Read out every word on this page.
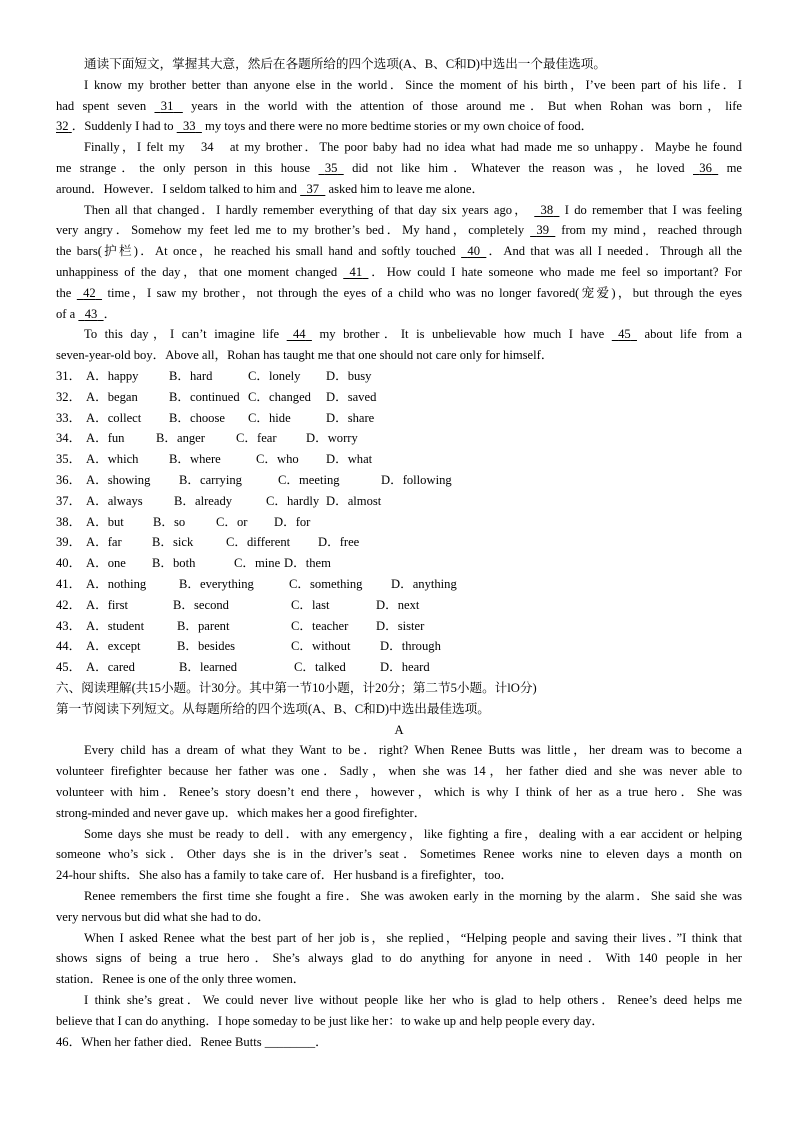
通读下面短文，掌握其大意，然后在各题所给的四个选项(A、B、C和D)中选出一个最佳选项。
I know my brother better than anyone else in the world．Since the moment of his birth，I’ve been part of his life．I
had spent seven 31 years in the world with the attention of those around me．But when Rohan was born，life
32 ．Suddenly I had to 33 my toys and there were no more bedtime stories or my own choice of food．
Finally，I felt my 34 at my brother．The poor baby had no idea what had made me so unhappy．Maybe he found
me strange．the only person in this house 35 did not like him．Whatever the reason was，he loved 36 me
around．However．I seldom talked to him and 37 asked him to leave me alone．
Then all that changed．I hardly remember everything of that day six years ago， 38 I do remember that I was feeling
very angry．Somehow my feet led me to my brother’s bed．My hand，completely 39 from my mind，reached through
the bars(护栏)．At once，he reached his small hand and softly touched 40 ．And that was all I needed．Through all the
unhappiness of the day，that one moment changed 41 ．How could I hate someone who made me feel so important? For
the 42 time，I saw my brother，not through the eyes of a child who was no longer favored(宠爱)，but through the eyes
of a 43 ．
To this day，I can’t imagine life 44 my brother．It is unbelievable how much I have 45 about life from a
seven-year-old boy．Above all，Rohan has taught me that one should not care only for himself．
31． A．happy B．hard	C．lonely D．busy
32． A．began B．continued C．changed D．saved
33． A．collect B．choose C．hide	D．share
34． A．fun	B．anger C．fear D．worry
35． A．which B．where	C．who D．what
36． A．showing B．carrying	C．meeting	D．following
37． A．always B．already	C．hardly D．almost
38． A．but B．so C．or D．for
39． A．far B．sick	C．different D．free
40． A．one B．both	C．mine D．them
41． A．nothing	B．everything	C．something D．anything
42． A．first	B．second	C．last	D．next
43． A．student	B．parent	C．teacher D．sister
44． A．except	B．besides	C．without D．through
45． A．cared	B．learned	C．talked	D．heard
六、阅读理解(共15小题。计30分。其中第一节10小题，计20分；第二节5小题。计lO分)
第一节阅读下列短文。从每题所给的四个选项(A、B、C和D)中选出最佳选项。
A
Every child has a dream of what they Want to be．right? When Renee Butts was little，her dream was to become a
volunteer firefighter because her father was one．Sadly，when she was 14，her father died and she was never able to
volunteer with him．Renee’s story doesn’t end there，however，which is why I think of her as a true hero．She was
strong-minded and never gave up．which makes her a good firefighter．
Some days she must be ready to dell．with any emergency，like fighting a fire，dealing with a ear accident or helping
someone who’s sick．Other days she is in the driver’s seat．Sometimes Renee works nine to eleven days a month on
24-hour shifts．She also has a family to take care of．Her husband is a firefighter，too．
Renee remembers the first time she fought a fire．She was awoken early in the morning by the alarm．She said she was
very nervous but did what she had to do．
When I asked Renee what the best part of her job is，she replied，“Helping people and saving their lives．”I think that
shows signs of being a true hero．She’s always glad to do anything for anyone in need．With 140 people in her
station．Renee is one of the only three women．
I think she’s great．We could never live without people like her who is glad to help others．Renee’s deed helps me
believe that I can do anything．I hope someday to be just like her：to wake up and help people every day．
46．When her father died．Renee Butts ________．
